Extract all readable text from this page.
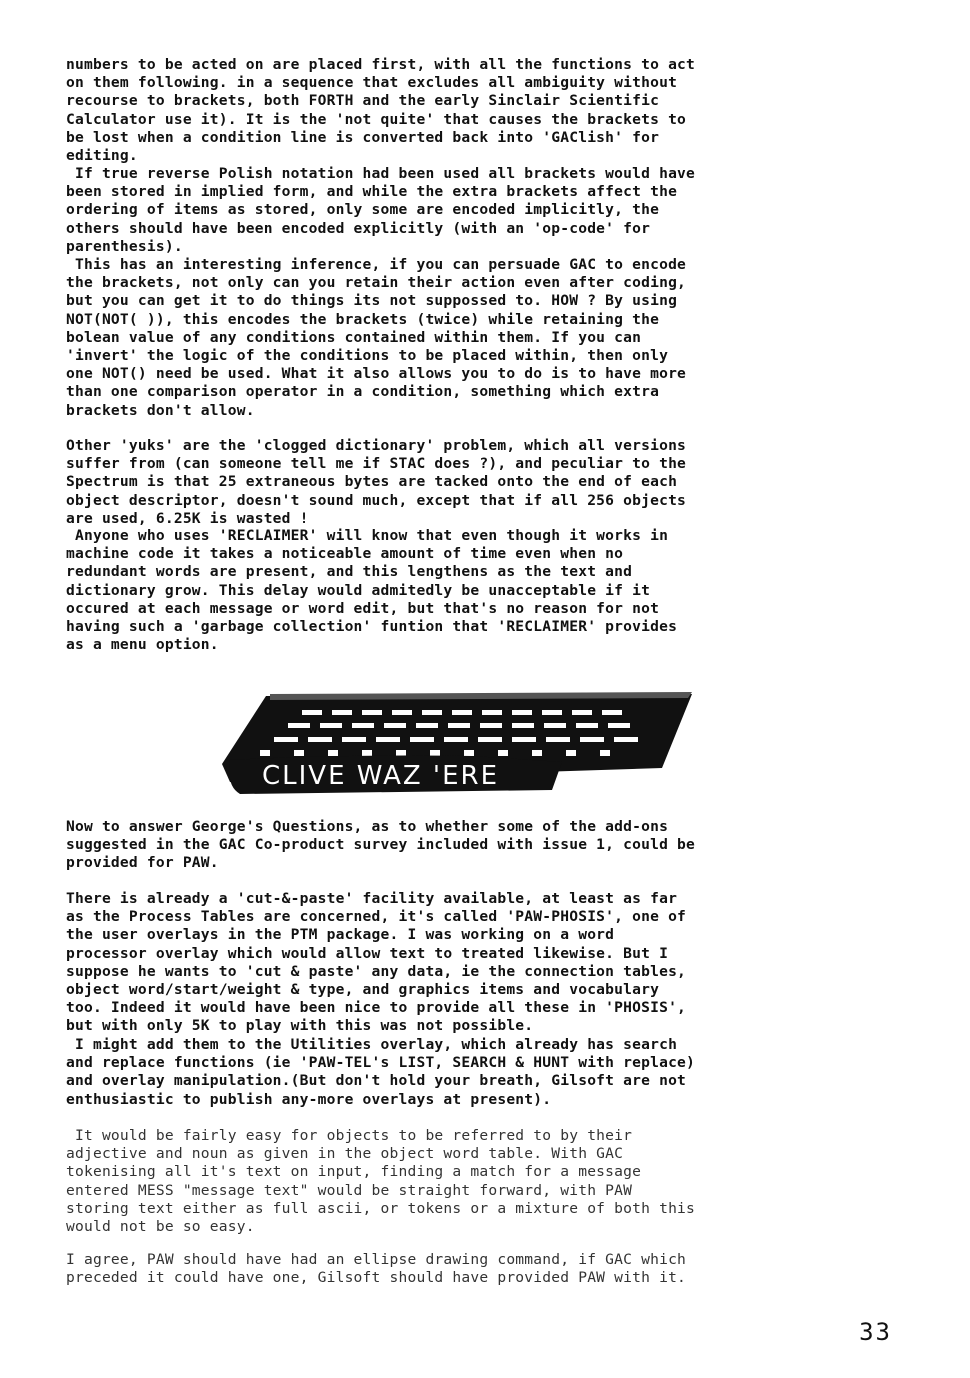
numbers to be acted on are placed first, with all the functions to act
on them following. in a sequence that excludes all ambiguity without
recourse to brackets, both FORTH and the early Sinclair Scientific
Calculator use it). It is the 'not quite' that causes the brackets to
be lost when a condition line is converted back into 'GAClish' for
editing.
If true reverse Polish notation had been used all brackets would have
been stored in implied form, and while the extra brackets affect the
ordering of items as stored, only some are encoded implicitly, the
others should have been encoded explicitly (with an 'op-code' for
parenthesis).
This has an interesting inference, if you can persuade GAC to encode
the brackets, not only can you retain their action even after coding,
but you can get it to do things its not suppossed to. HOW ? By using
NOT(NOT( )), this encodes the brackets (twice) while retaining the
bolean value of any conditions contained within them. If you can
'invert' the logic of the conditions to be placed within, then only
one NOT() need be used. What it also allows you to do is to have more
than one comparison operator in a condition, something which extra
brackets don't allow.
Other 'yuks' are the 'clogged dictionary' problem, which all versions
suffer from (can someone tell me if STAC does ?), and peculiar to the
Spectrum is that 25 extraneous bytes are tacked onto the end of each
object descriptor, doesn't sound much, except that if all 256 objects
are used, 6.25K is wasted !
Anyone who uses 'RECLAIMER' will know that even though it works in
machine code it takes a noticeable amount of time even when no
redundant words are present, and this lengthens as the text and
dictionary grow. This delay would admitedly be unacceptable if it
occured at each message or word edit, but that's no reason for not
having such a 'garbage collection' funtion that 'RECLAIMER' provides
as a menu option.
CLIVE WAZ 'ERE
Now to answer George's Questions, as to whether some of the add-ons
suggested in the GAC Co-product survey included with issue 1, could be
provided for PAW.
There is already a 'cut-&-paste' facility available, at least as far
as the Process Tables are concerned, it's called 'PAW-PHOSIS', one of
the user overlays in the PTM package. I was working on a word
processor overlay which would allow text to treated likewise. But I
suppose he wants to 'cut & paste' any data, ie the connection tables,
object word/start/weight & type, and graphics items and vocabulary
too. Indeed it would have been nice to provide all these in 'PHOSIS',
but with only 5K to play with this was not possible.
I might add them to the Utilities overlay, which already has search
and replace functions (ie 'PAW-TEL's LIST, SEARCH & HUNT with replace)
and overlay manipulation.(But don't hold your breath, Gilsoft are not
enthusiastic to publish any-more overlays at present).
It would be fairly easy for objects to be referred to by their
adjective and noun as given in the object word table. With GAC
tokenising all it's text on input, finding a match for a message
entered MESS "message text" would be straight forward, with PAW
storing text either as full ascii, or tokens or a mixture of both this
would not be so easy.
I agree, PAW should have had an ellipse drawing command, if GAC which
preceded it could have one, Gilsoft should have provided PAW with it.
33
